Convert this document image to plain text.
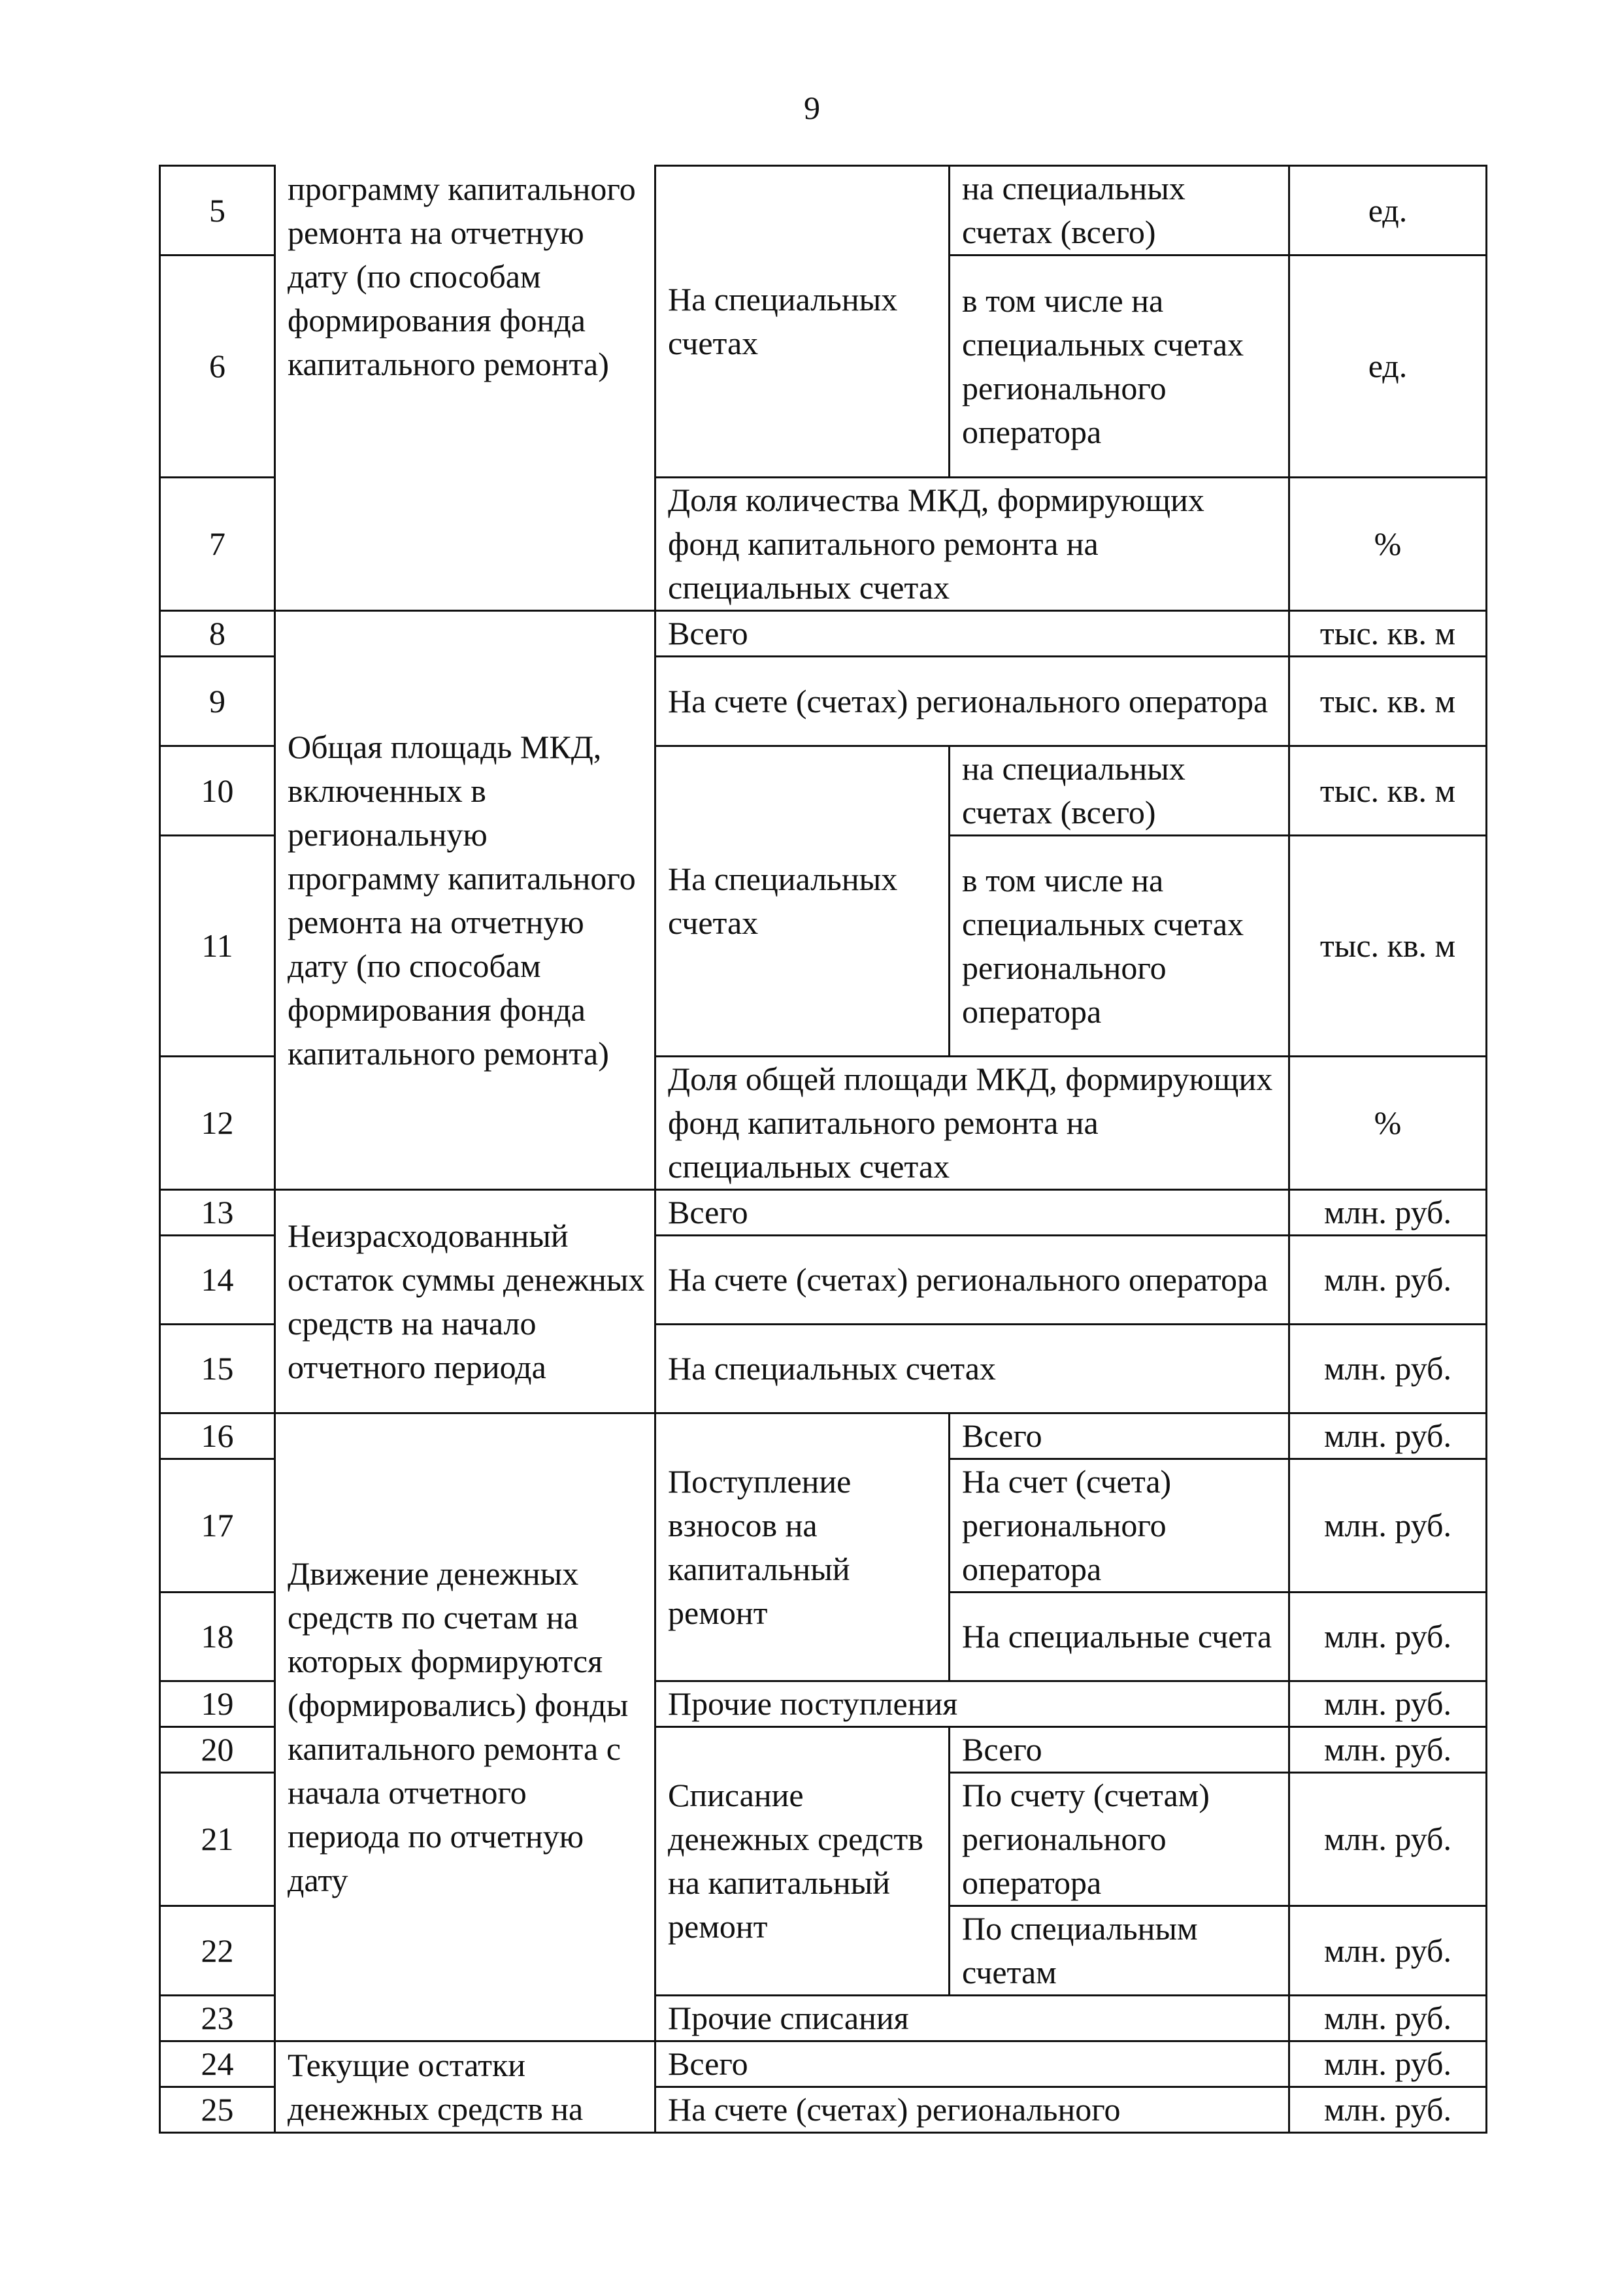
9
5	программу капитального ремонта на отчетную дату (по способам формирования фонда капитального ремонта)	На специальных счетах	на специальных счетах (всего)	ед.
6			в том числе на специальных счетах регионального оператора	ед.
7		Доля количества МКД, формирующих фонд капитального ремонта на специальных счетах		%
8	Общая площадь МКД, включенных в региональную программу капитального ремонта на отчетную дату (по способам формирования фонда капитального ремонта)	Всего		тыс. кв. м
9		На счете (счетах) регионального оператора		тыс. кв. м
10		На специальных счетах	на специальных счетах (всего)	тыс. кв. м
11			в том числе на специальных счетах регионального оператора	тыс. кв. м
12		Доля общей площади МКД, формирующих фонд капитального ремонта на специальных счетах		%
13	Неизрасходованный остаток суммы денежных средств на начало отчетного периода	Всего		млн. руб.
14		На счете (счетах) регионального оператора		млн. руб.
15		На специальных счетах		млн. руб.
16	Движение денежных средств по счетам на которых формируются (формировались) фонды капитального ремонта с начала отчетного периода по отчетную дату	Поступление взносов на капитальный ремонт	Всего	млн. руб.
17			На счет (счета) регионального оператора	млн. руб.
18			На специальные счета	млн. руб.
19		Прочие поступления		млн. руб.
20		Списание денежных средств на капитальный ремонт	Всего	млн. руб.
21			По счету (счетам) регионального оператора	млн. руб.
22			По специальным счетам	млн. руб.
23		Прочие списания		млн. руб.
24	Текущие остатки денежных средств на	Всего		млн. руб.
25		На счете (счетах) регионального		млн. руб.
